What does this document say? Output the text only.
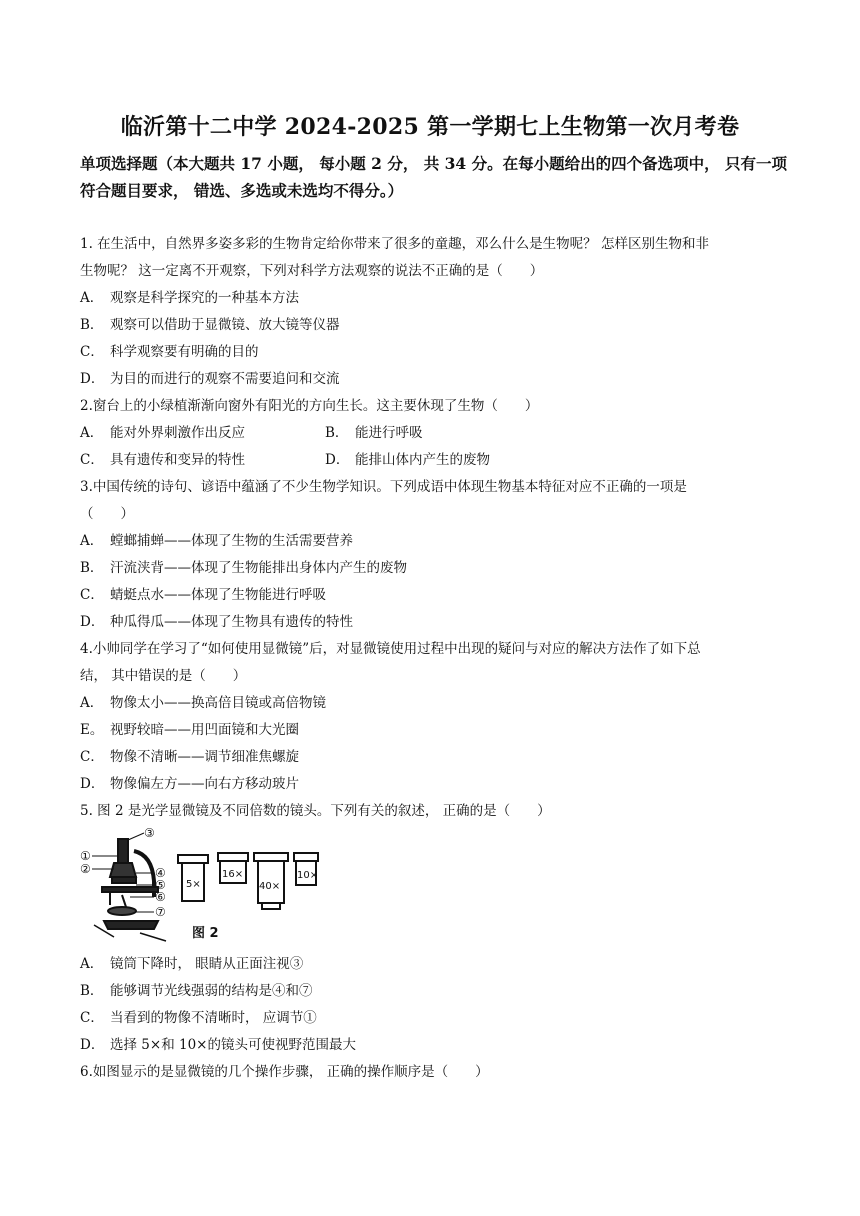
临沂第十二中学 2024-2025 第一学期七上生物第一次月考卷
单项选择题（本大题共 17 小题， 每小题 2 分， 共 34 分。在每小题给出的四个备选项中， 只有一项符合题目要求， 错选、多选或未选均不得分。）
1. 在生活中，自然界多姿多彩的生物肯定给你带来了很多的童趣，邓么什么是生物呢？ 怎样区别生物和非
生物呢？ 这一定离不开观察，下列对科学方法观察的说法不正确的是（　　）
A． 观察是科学探究的一种基本方法
B． 观察可以借助于显微镜、放大镜等仪器
C． 科学观察要有明确的目的
D． 为目的而进行的观察不需要追问和交流
2.窗台上的小绿植渐渐向窗外有阳光的方向生长。这主要休现了生物（　　）
A． 能对外界刺激作出反应	B． 能进行呼吸
C． 具有遗传和变异的特性	D． 能排山体内产生的废物
3.中国传统的诗句、谚语中蕴涵了不少生物学知识。下列成语中体现生物基本特征对应不正确的一项是
（　　）
A． 螳螂捕蝉——体现了生物的生活需要营养
B． 汗流浃背——体现了生物能排出身体内产生的废物
C． 蜻蜓点水——体现了生物能进行呼吸
D． 种瓜得瓜——体现了生物具有遗传的特性
4.小帅同学在学习了“如何使用显微镜”后，对显微镜使用过程中出现的疑问与对应的解决方法作了如下总
结， 其中错误的是（　　）
A． 物像太小——换高倍目镜或高倍物镜
E。 视野较暗——用凹面镜和大光圈
C． 物像不清晰——调节细准焦螺旋
D． 物像偏左方——向右方移动玻片
5. 图 2 是光学显微镜及不同倍数的镜头。下列有关的叙述， 正确的是（　　）
①
②
③
④
⑤
⑥
⑦
5×
16×
40×
10×
图 2
A． 镜筒下降时， 眼睛从正面注视③
B． 能够调节光线强弱的结构是④和⑦
C． 当看到的物像不清晰时， 应调节①
D． 选择 5×和 10×的镜头可使视野范围最大
6.如图显示的是显微镜的几个操作步骤， 正确的操作顺序是（　　）
